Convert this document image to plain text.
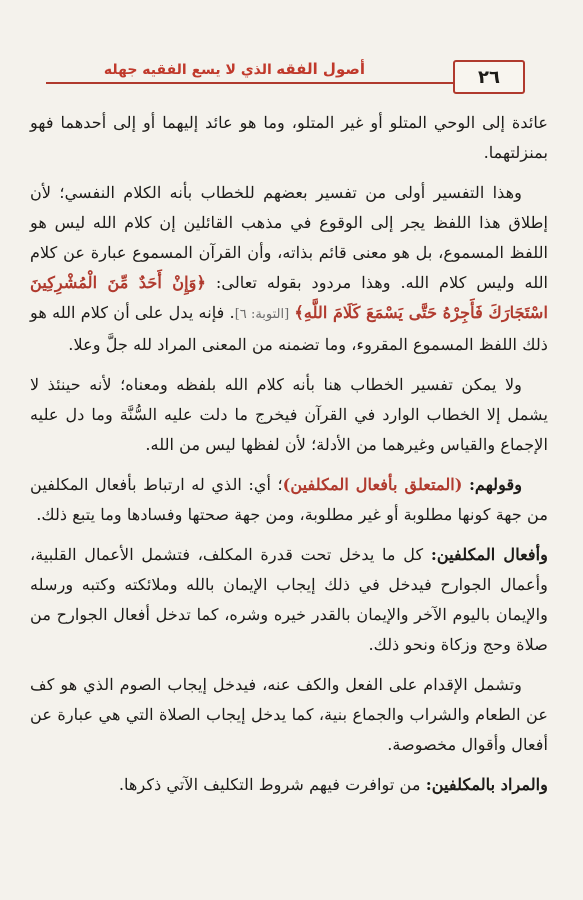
أصول الفقه الذي لا يسع الفقيه جهله	٢٦

عائدة إلى الوحي المتلو أو غير المتلو، وما هو عائد إليهما أو إلى أحدهما فهو بمنزلتهما.

وهذا التفسير أولى من تفسير بعضهم للخطاب بأنه الكلام النفسي؛ لأن إطلاق هذا اللفظ يجر إلى الوقوع في مذهب القائلين إن كلام الله ليس هو اللفظ المسموع، بل هو معنى قائم بذاته، وأن القرآن المسموع عبارة عن كلام الله وليس كلام الله. وهذا مردود بقوله تعالى: ﴿وَإِنْ أَحَدٌ مِّنَ الْمُشْرِكِينَ اسْتَجَارَكَ فَأَجِرْهُ حَتَّى يَسْمَعَ كَلَامَ اللَّهِ﴾ [التوبة: ٦]. فإنه يدل على أن كلام الله هو ذلك اللفظ المسموع المقروء، وما تضمنه من المعنى المراد لله جلَّ وعلا.

ولا يمكن تفسير الخطاب هنا بأنه كلام الله بلفظه ومعناه؛ لأنه حينئذ لا يشمل إلا الخطاب الوارد في القرآن فيخرج ما دلت عليه السُّنَّة وما دل عليه الإجماع والقياس وغيرهما من الأدلة؛ لأن لفظها ليس من الله.

وقولهم: (المتعلق بأفعال المكلفين)؛ أي: الذي له ارتباط بأفعال المكلفين من جهة كونها مطلوبة أو غير مطلوبة، ومن جهة صحتها وفسادها وما يتبع ذلك.

وأفعال المكلفين: كل ما يدخل تحت قدرة المكلف، فتشمل الأعمال القلبية، وأعمال الجوارح فيدخل في ذلك إيجاب الإيمان بالله وملائكته وكتبه ورسله والإيمان باليوم الآخر والإيمان بالقدر خيره وشره، كما تدخل أفعال الجوارح من صلاة وحج وزكاة ونحو ذلك.

وتشمل الإقدام على الفعل والكف عنه، فيدخل إيجاب الصوم الذي هو كف عن الطعام والشراب والجماع بنية، كما يدخل إيجاب الصلاة التي هي عبارة عن أفعال وأقوال مخصوصة.

والمراد بالمكلفين: من توافرت فيهم شروط التكليف الآتي ذكرها.
